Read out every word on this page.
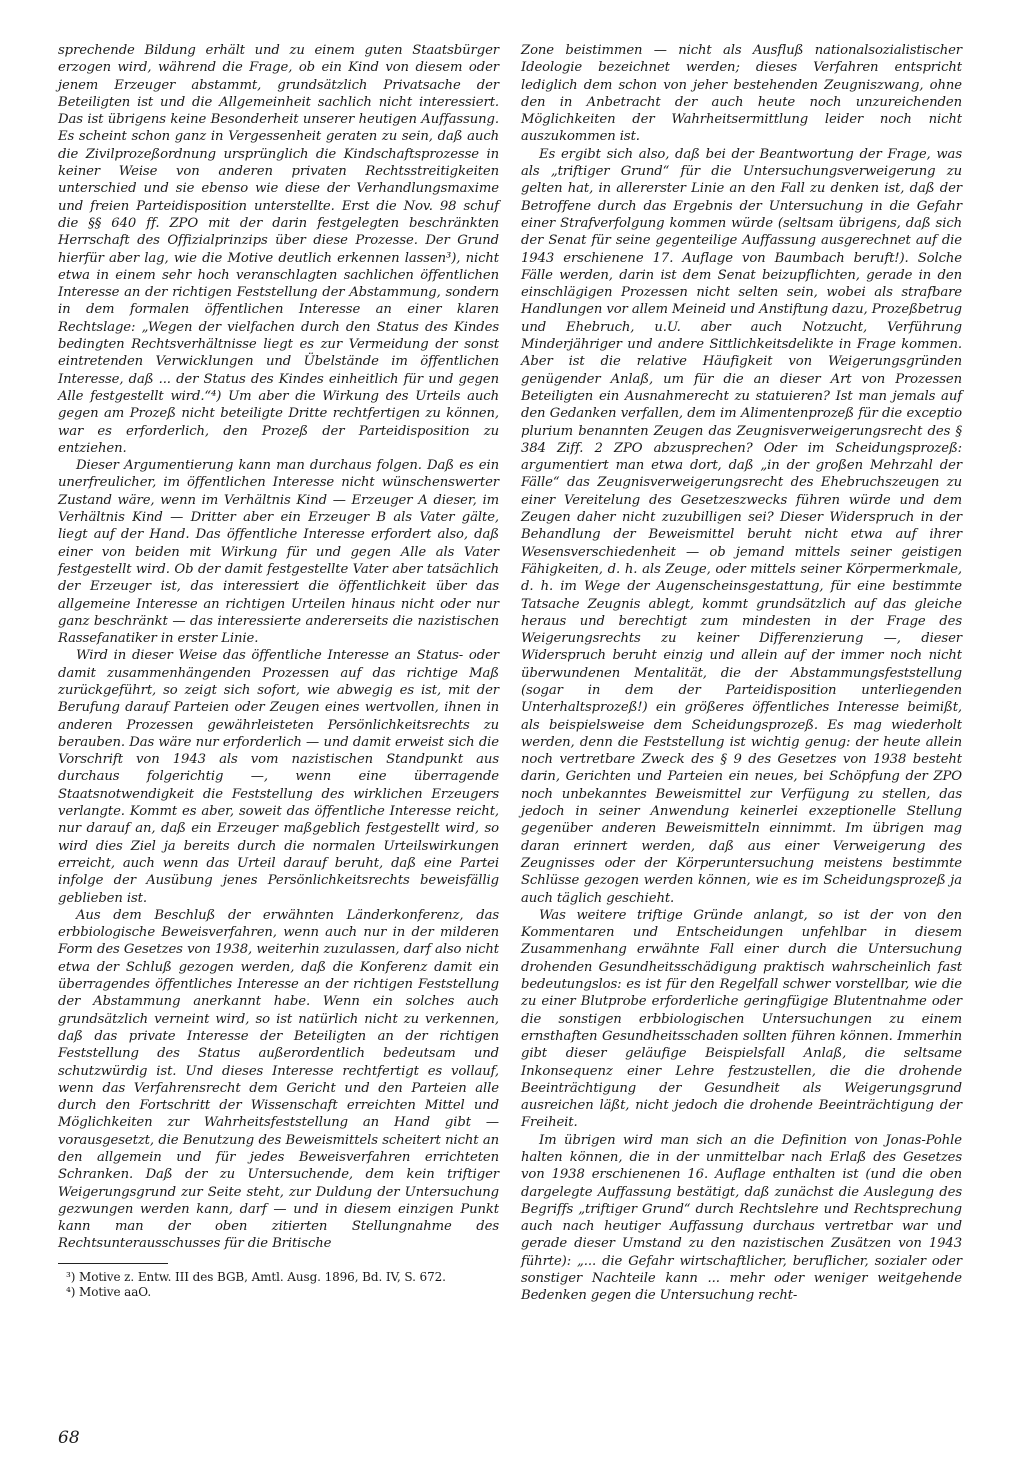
sprechende Bildung erhält und zu einem guten Staatsbürger erzogen wird, während die Frage, ob ein Kind von diesem oder jenem Erzeuger abstammt, grundsätzlich Privatsache der Beteiligten ist und die Allgemeinheit sachlich nicht interessiert. Das ist übrigens keine Besonderheit unserer heutigen Auffassung. Es scheint schon ganz in Vergessenheit geraten zu sein, daß auch die Zivilprozeßordnung ursprünglich die Kindschaftsprozesse in keiner Weise von anderen privaten Rechtsstreitigkeiten unterschied und sie ebenso wie diese der Verhandlungsmaxime und freien Parteidisposition unterstellte. Erst die Nov. 98 schuf die §§ 640 ff. ZPO mit der darin festgelegten beschränkten Herrschaft des Offizialprinzips über diese Prozesse. Der Grund hierfür aber lag, wie die Motive deutlich erkennen lassen³), nicht etwa in einem sehr hoch veranschlagten sachlichen öffentlichen Interesse an der richtigen Feststellung der Abstammung, sondern in dem formalen öffentlichen Interesse an einer klaren Rechtslage: „Wegen der vielfachen durch den Status des Kindes bedingten Rechtsverhältnisse liegt es zur Vermeidung der sonst eintretenden Verwicklungen und Übelstände im öffentlichen Interesse, daß ... der Status des Kindes einheitlich für und gegen Alle festgestellt wird.“⁴) Um aber die Wirkung des Urteils auch gegen am Prozeß nicht beteiligte Dritte rechtfertigen zu können, war es erforderlich, den Prozeß der Parteidisposition zu entziehen.

Dieser Argumentierung kann man durchaus folgen. Daß es ein unerfreulicher, im öffentlichen Interesse nicht wünschenswerter Zustand wäre, wenn im Verhältnis Kind — Erzeuger A dieser, im Verhältnis Kind — Dritter aber ein Erzeuger B als Vater gälte, liegt auf der Hand. Das öffentliche Interesse erfordert also, daß einer von beiden mit Wirkung für und gegen Alle als Vater festgestellt wird. Ob der damit festgestellte Vater aber tatsächlich der Erzeuger ist, das interessiert die öffentlichkeit über das allgemeine Interesse an richtigen Urteilen hinaus nicht oder nur ganz beschränkt — das interessierte andererseits die nazistischen Rassefanatiker in erster Linie.

Wird in dieser Weise das öffentliche Interesse an Status- oder damit zusammenhängenden Prozessen auf das richtige Maß zurückgeführt, so zeigt sich sofort, wie abwegig es ist, mit der Berufung darauf Parteien oder Zeugen eines wertvollen, ihnen in anderen Prozessen gewährleisteten Persönlichkeitsrechts zu berauben. Das wäre nur erforderlich — und damit erweist sich die Vorschrift von 1943 als vom nazistischen Standpunkt aus durchaus folgerichtig —, wenn eine überragende Staatsnotwendigkeit die Feststellung des wirklichen Erzeugers verlangte. Kommt es aber, soweit das öffentliche Interesse reicht, nur darauf an, daß ein Erzeuger maßgeblich festgestellt wird, so wird dies Ziel ja bereits durch die normalen Urteilswirkungen erreicht, auch wenn das Urteil darauf beruht, daß eine Partei infolge der Ausübung jenes Persönlichkeitsrechts beweisfällig geblieben ist.

Aus dem Beschluß der erwähnten Länderkonferenz, das erbbiologische Beweisverfahren, wenn auch nur in der milderen Form des Gesetzes von 1938, weiterhin zuzulassen, darf also nicht etwa der Schluß gezogen werden, daß die Konferenz damit ein überragendes öffentliches Interesse an der richtigen Feststellung der Abstammung anerkannt habe. Wenn ein solches auch grundsätzlich verneint wird, so ist natürlich nicht zu verkennen, daß das private Interesse der Beteiligten an der richtigen Feststellung des Status außerordentlich bedeutsam und schutzwürdig ist. Und dieses Interesse rechtfertigt es vollauf, wenn das Verfahrensrecht dem Gericht und den Parteien alle durch den Fortschritt der Wissenschaft erreichten Mittel und Möglichkeiten zur Wahrheitsfeststellung an Hand gibt — vorausgesetzt, die Benutzung des Beweismittels scheitert nicht an den allgemein und für jedes Beweisverfahren errichteten Schranken. Daß der zu Untersuchende, dem kein triftiger Weigerungsgrund zur Seite steht, zur Duldung der Untersuchung gezwungen werden kann, darf — und in diesem einzigen Punkt kann man der oben zitierten Stellungnahme des Rechtsunterausschusses für die Britische

³) Motive z. Entw. III des BGB, Amtl. Ausg. 1896, Bd. IV, S. 672.

⁴) Motive aaO.

Zone beistimmen — nicht als Ausfluß nationalsozialistischer Ideologie bezeichnet werden; dieses Verfahren entspricht lediglich dem schon von jeher bestehenden Zeugniszwang, ohne den in Anbetracht der auch heute noch unzureichenden Möglichkeiten der Wahrheitsermittlung leider noch nicht auszukommen ist.

Es ergibt sich also, daß bei der Beantwortung der Frage, was als „triftiger Grund“ für die Untersuchungsverweigerung zu gelten hat, in allererster Linie an den Fall zu denken ist, daß der Betroffene durch das Ergebnis der Untersuchung in die Gefahr einer Strafverfolgung kommen würde (seltsam übrigens, daß sich der Senat für seine gegenteilige Auffassung ausgerechnet auf die 1943 erschienene 17. Auflage von Baumbach beruft!). Solche Fälle werden, darin ist dem Senat beizupflichten, gerade in den einschlägigen Prozessen nicht selten sein, wobei als strafbare Handlungen vor allem Meineid und Anstiftung dazu, Prozeßbetrug und Ehebruch, u.U. aber auch Notzucht, Verführung Minderjähriger und andere Sittlichkeitsdelikte in Frage kommen. Aber ist die relative Häufigkeit von Weigerungsgründen genügender Anlaß, um für die an dieser Art von Prozessen Beteiligten ein Ausnahmerecht zu statuieren? Ist man jemals auf den Gedanken verfallen, dem im Alimentenprozeß für die exceptio plurium benannten Zeugen das Zeugnisverweigerungsrecht des § 384 Ziff. 2 ZPO abzusprechen? Oder im Scheidungsprozeß: argumentiert man etwa dort, daß „in der großen Mehrzahl der Fälle“ das Zeugnisverweigerungsrecht des Ehebruchszeugen zu einer Vereitelung des Gesetzeszwecks führen würde und dem Zeugen daher nicht zuzubilligen sei? Dieser Widerspruch in der Behandlung der Beweismittel beruht nicht etwa auf ihrer Wesensverschiedenheit — ob jemand mittels seiner geistigen Fähigkeiten, d. h. als Zeuge, oder mittels seiner Körpermerkmale, d. h. im Wege der Augenscheinsgestattung, für eine bestimmte Tatsache Zeugnis ablegt, kommt grundsätzlich auf das gleiche heraus und berechtigt zum mindesten in der Frage des Weigerungsrechts zu keiner Differenzierung —, dieser Widerspruch beruht einzig und allein auf der immer noch nicht überwundenen Mentalität, die der Abstammungsfeststellung (sogar in dem der Parteidisposition unterliegenden Unterhaltsprozeß!) ein größeres öffentliches Interesse beimißt, als beispielsweise dem Scheidungsprozeß. Es mag wiederholt werden, denn die Feststellung ist wichtig genug: der heute allein noch vertretbare Zweck des § 9 des Gesetzes von 1938 besteht darin, Gerichten und Parteien ein neues, bei Schöpfung der ZPO noch unbekanntes Beweismittel zur Verfügung zu stellen, das jedoch in seiner Anwendung keinerlei exzeptionelle Stellung gegenüber anderen Beweismitteln einnimmt. Im übrigen mag daran erinnert werden, daß aus einer Verweigerung des Zeugnisses oder der Körperuntersuchung meistens bestimmte Schlüsse gezogen werden können, wie es im Scheidungsprozeß ja auch täglich geschieht.

Was weitere triftige Gründe anlangt, so ist der von den Kommentaren und Entscheidungen unfehlbar in diesem Zusammenhang erwähnte Fall einer durch die Untersuchung drohenden Gesundheitsschädigung praktisch wahrscheinlich fast bedeutungslos: es ist für den Regelfall schwer vorstellbar, wie die zu einer Blutprobe erforderliche geringfügige Blutentnahme oder die sonstigen erbbiologischen Untersuchungen zu einem ernsthaften Gesundheitsschaden sollten führen können. Immerhin gibt dieser geläufige Beispielsfall Anlaß, die seltsame Inkonsequenz einer Lehre festzustellen, die die drohende Beeinträchtigung der Gesundheit als Weigerungsgrund ausreichen läßt, nicht jedoch die drohende Beeinträchtigung der Freiheit.

Im übrigen wird man sich an die Definition von Jonas-Pohle halten können, die in der unmittelbar nach Erlaß des Gesetzes von 1938 erschienenen 16. Auflage enthalten ist (und die oben dargelegte Auffassung bestätigt, daß zunächst die Auslegung des Begriffs „triftiger Grund“ durch Rechtslehre und Rechtsprechung auch nach heutiger Auffassung durchaus vertretbar war und gerade dieser Umstand zu den nazistischen Zusätzen von 1943 führte): „... die Gefahr wirtschaftlicher, beruflicher, sozialer oder sonstiger Nachteile kann ... mehr oder weniger weitgehende Bedenken gegen die Untersuchung recht-

68
